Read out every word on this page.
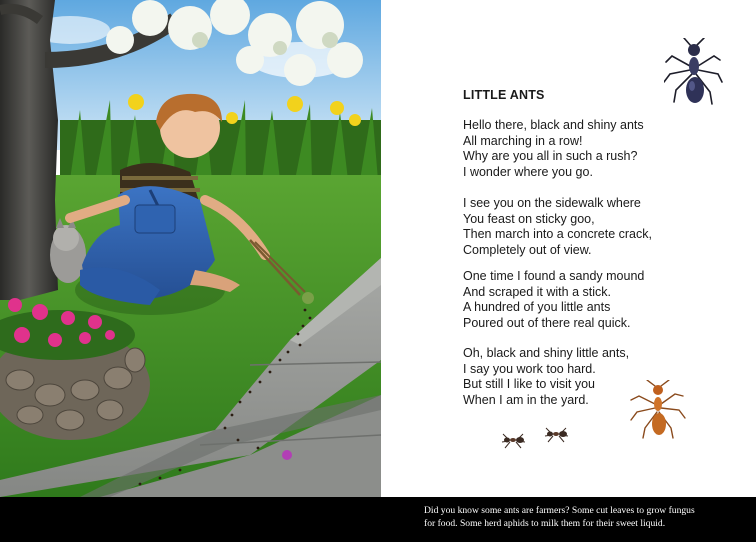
LITTLE ANTS
Hello there, black and shiny ants
All marching in a row!
Why are you all in such a rush?
I wonder where you go.
I see you on the sidewalk where
You feast on sticky goo,
Then march into a concrete crack,
Completely out of view.
One time I found a sandy mound
And scraped it with a stick.
A hundred of you little ants
Poured out of there real quick.
Oh, black and shiny little ants,
I say you work too hard.
But still I like to visit you
When I am in the yard.
Did you know some ants are farmers? Some cut leaves to grow fungus
for food. Some herd aphids to milk them for their sweet liquid.
